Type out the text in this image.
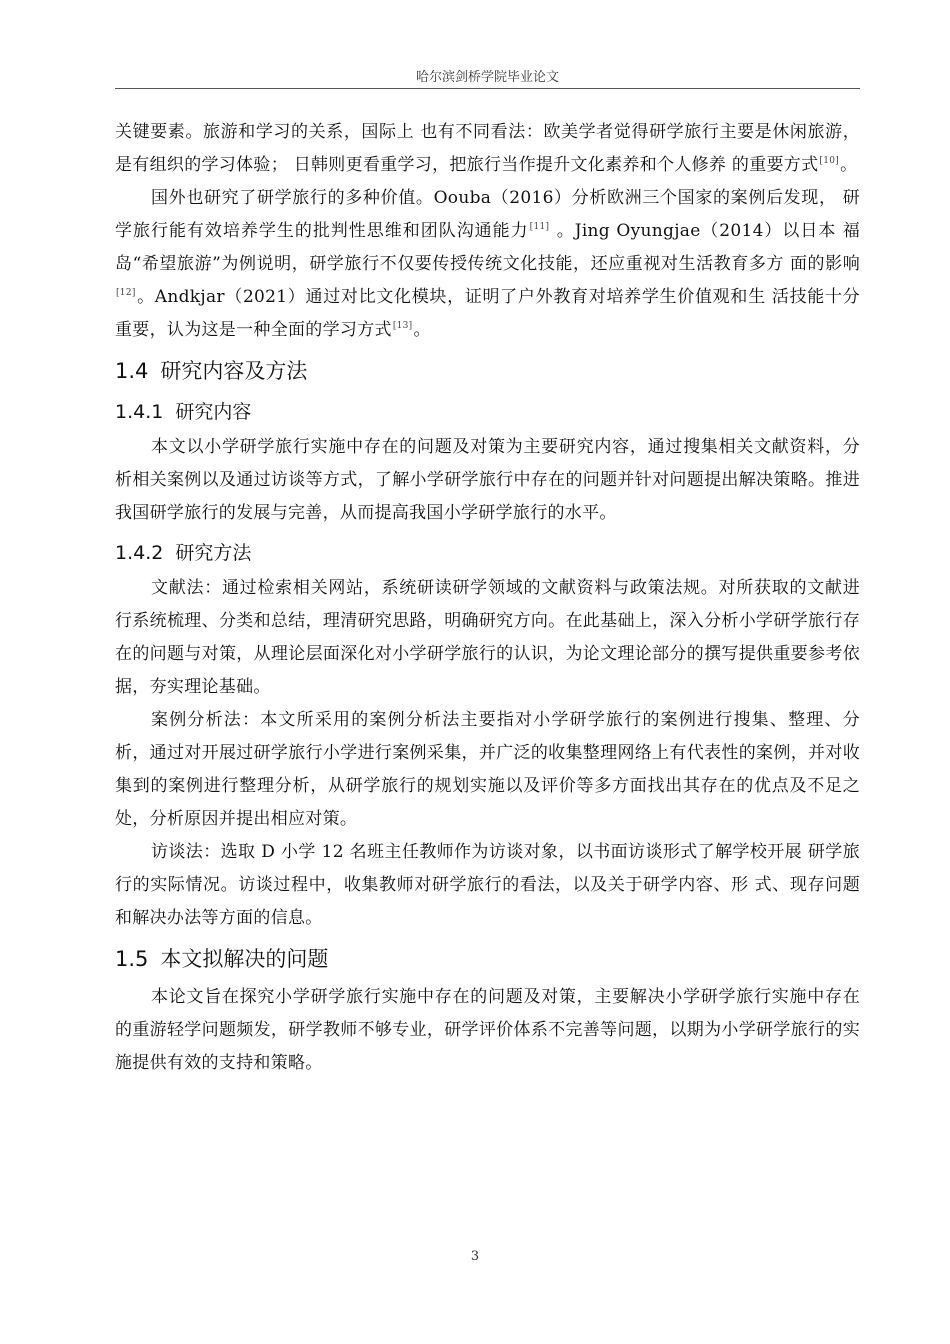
哈尔滨剑桥学院毕业论文

关键要素。旅游和学习的关系，国际上 也有不同看法：欧美学者觉得研学旅行主要是休闲旅游，是有组织的学习体验； 日韩则更看重学习，把旅行当作提升文化素养和个人修养 的重要方式[10]。

国外也研究了研学旅行的多种价值。Oouba（2016）分析欧洲三个国家的案例后发现， 研学旅行能有效培养学生的批判性思维和团队沟通能力[11] 。Jing Oyungjae（2014）以日本 福岛“希望旅游”为例说明，研学旅行不仅要传授传统文化技能，还应重视对生活教育多方 面的影响[12]。Andkjar（2021）通过对比文化模块，证明了户外教育对培养学生价值观和生 活技能十分重要，认为这是一种全面的学习方式[13]。

1.4 研究内容及方法
1.4.1 研究内容

本文以小学研学旅行实施中存在的问题及对策为主要研究内容，通过搜集相关文献资料，分析相关案例以及通过访谈等方式，了解小学研学旅行中存在的问题并针对问题提出解决策略。推进我国研学旅行的发展与完善，从而提高我国小学研学旅行的水平。

1.4.2 研究方法

文献法：通过检索相关网站，系统研读研学领域的文献资料与政策法规。对所获取的文献进行系统梳理、分类和总结，理清研究思路，明确研究方向。在此基础上，深入分析小学研学旅行存在的问题与对策，从理论层面深化对小学研学旅行的认识，为论文理论部分的撰写提供重要参考依据，夯实理论基础。

案例分析法：本文所采用的案例分析法主要指对小学研学旅行的案例进行搜集、整理、分析，通过对开展过研学旅行小学进行案例采集，并广泛的收集整理网络上有代表性的案例，并对收集到的案例进行整理分析，从研学旅行的规划实施以及评价等多方面找出其存在的优点及不足之处，分析原因并提出相应对策。

访谈法：选取 D 小学 12 名班主任教师作为访谈对象，以书面访谈形式了解学校开展 研学旅行的实际情况。访谈过程中，收集教师对研学旅行的看法，以及关于研学内容、形 式、现存问题和解决办法等方面的信息。

1.5 本文拟解决的问题

本论文旨在探究小学研学旅行实施中存在的问题及对策，主要解决小学研学旅行实施中存在的重游轻学问题频发，研学教师不够专业，研学评价体系不完善等问题，以期为小学研学旅行的实施提供有效的支持和策略。

3
